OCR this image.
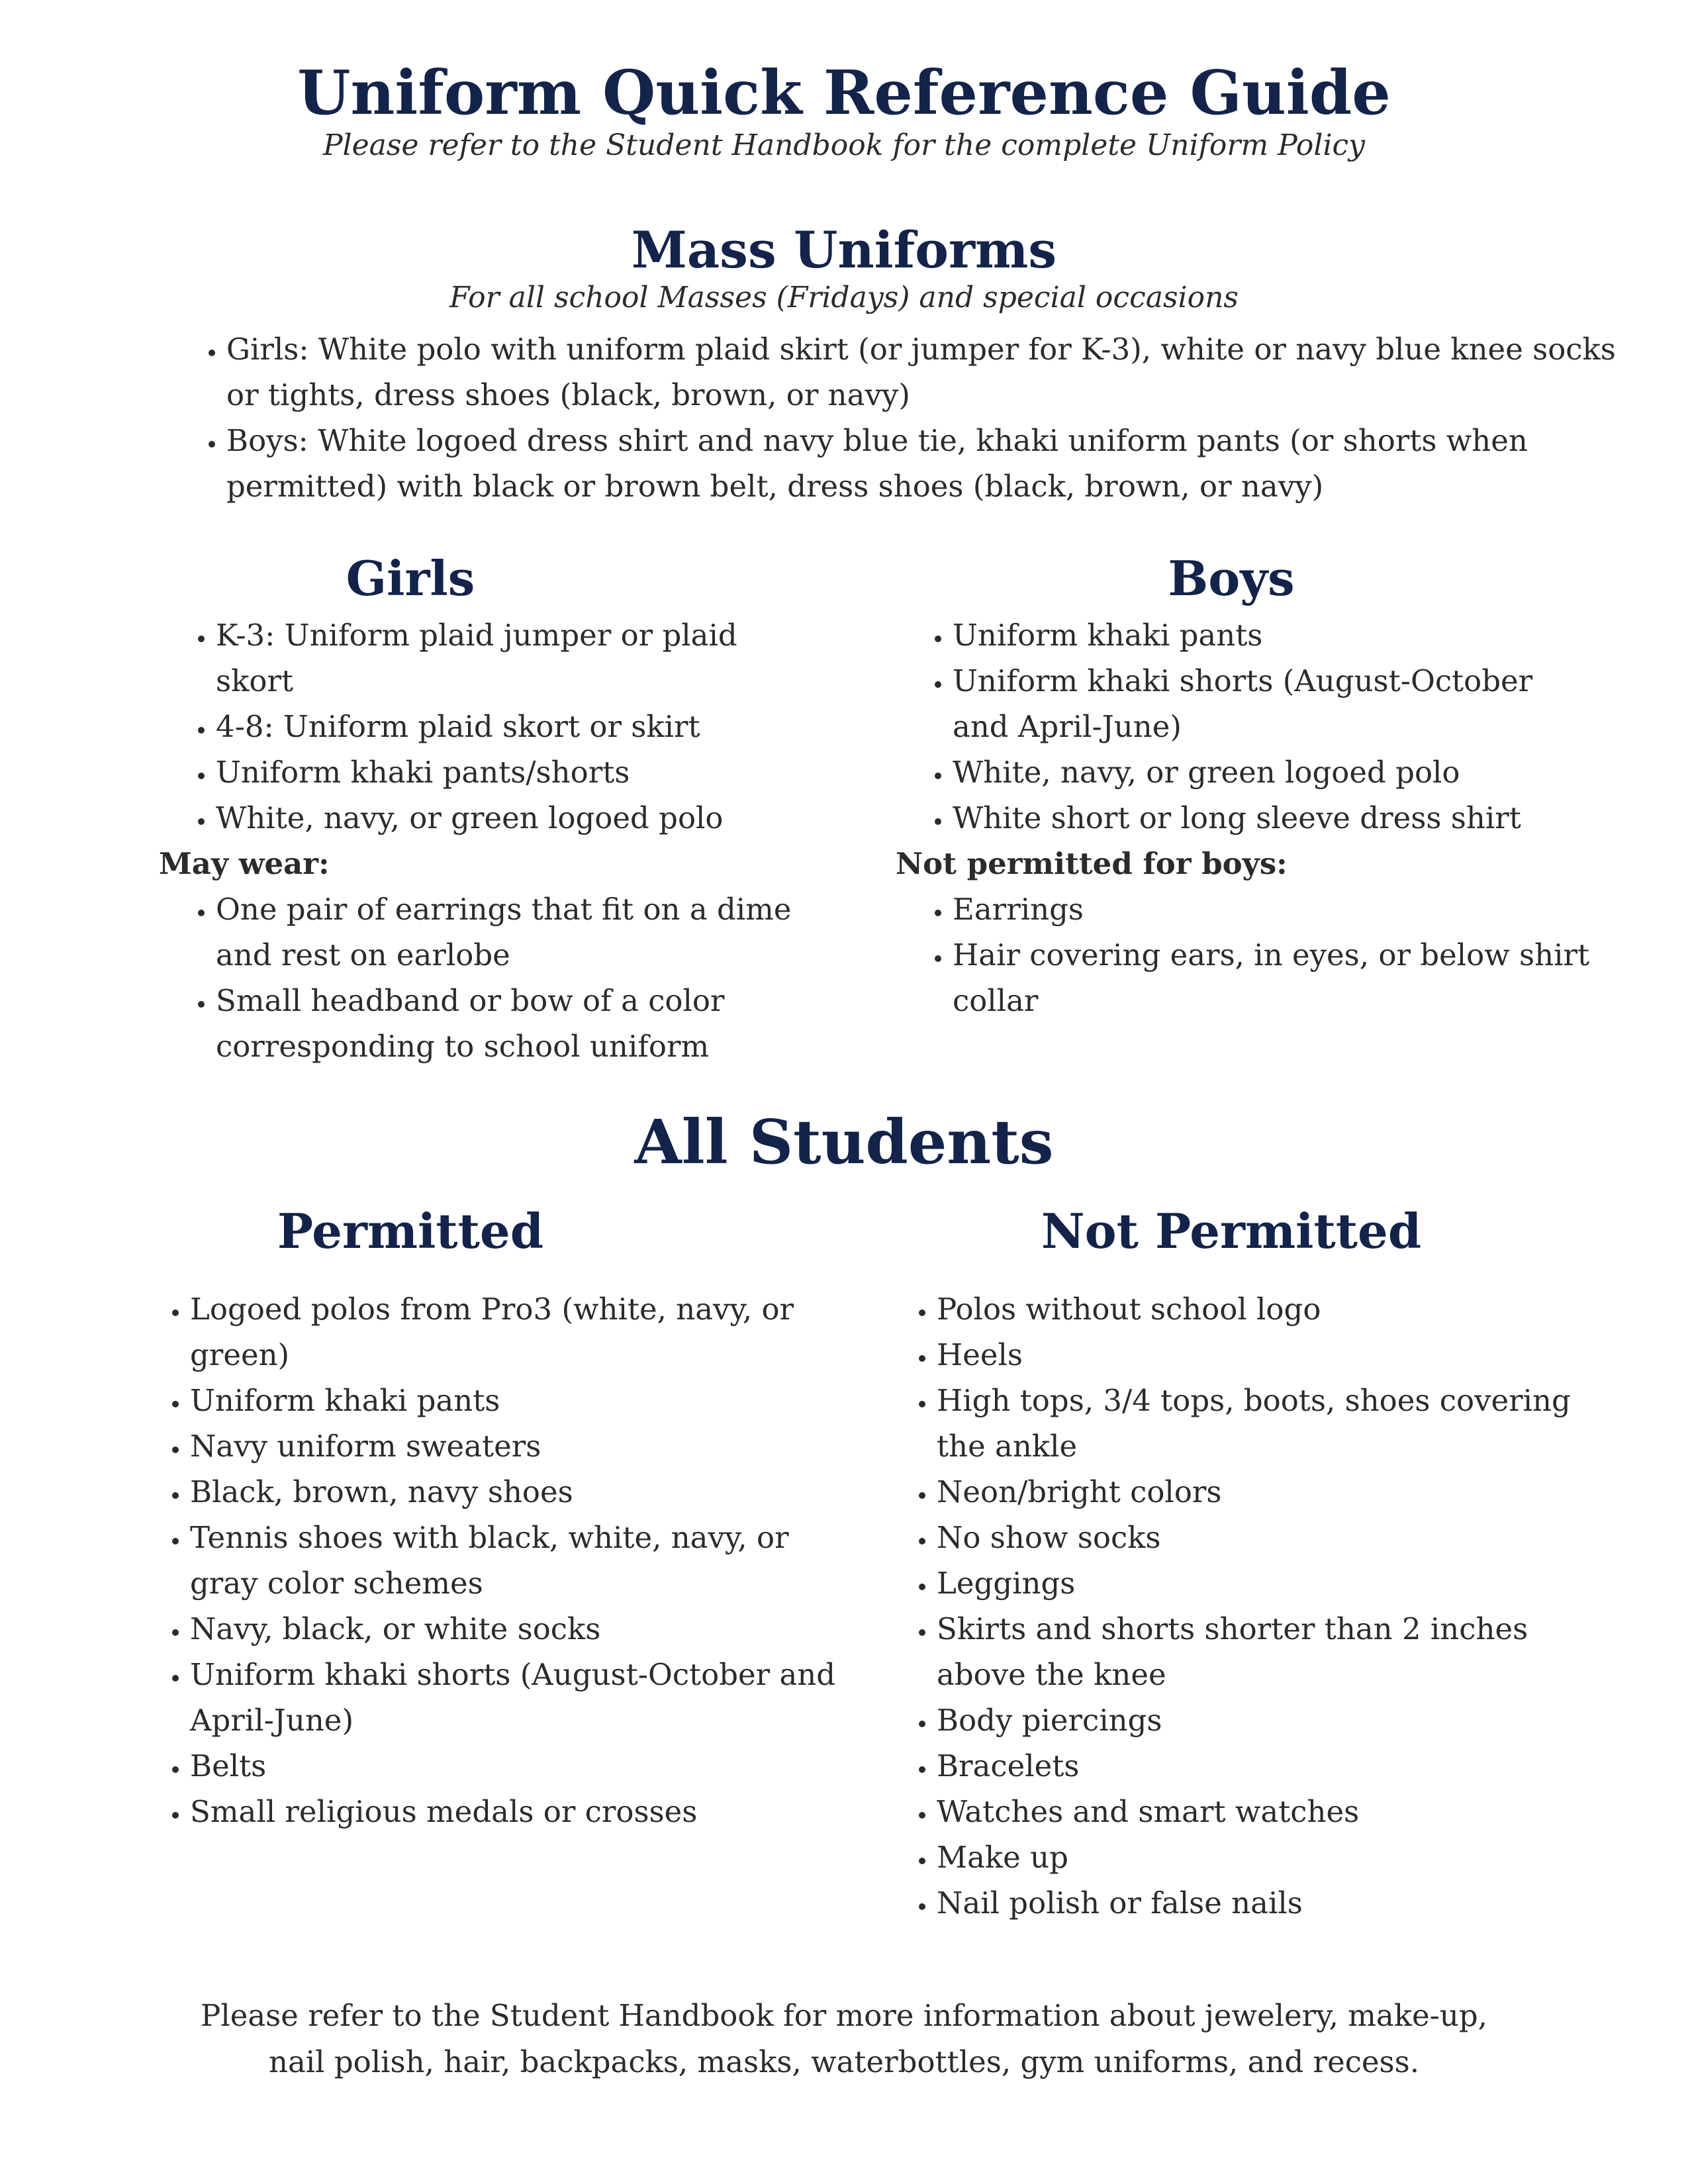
Uniform Quick Reference Guide
Please refer to the Student Handbook for the complete Uniform Policy
Mass Uniforms
For all school Masses (Fridays) and special occasions
• Girls: White polo with uniform plaid skirt (or jumper for K-3), white or navy blue knee socks or tights, dress shoes (black, brown, or navy)
• Boys: White logoed dress shirt and navy blue tie, khaki uniform pants (or shorts when permitted) with black or brown belt, dress shoes (black, brown, or navy)
Girls	Boys
• K-3: Uniform plaid jumper or plaid skort
• 4-8: Uniform plaid skort or skirt
• Uniform khaki pants/shorts
• White, navy, or green logoed polo
May wear:
• One pair of earrings that fit on a dime and rest on earlobe
• Small headband or bow of a color corresponding to school uniform
• Uniform khaki pants
• Uniform khaki shorts (August-October and April-June)
• White, navy, or green logoed polo
• White short or long sleeve dress shirt
Not permitted for boys:
• Earrings
• Hair covering ears, in eyes, or below shirt collar
All Students
Permitted	Not Permitted
• Logoed polos from Pro3 (white, navy, or green)
• Uniform khaki pants
• Navy uniform sweaters
• Black, brown, navy shoes
• Tennis shoes with black, white, navy, or gray color schemes
• Navy, black, or white socks
• Uniform khaki shorts (August-October and April-June)
• Belts
• Small religious medals or crosses
• Polos without school logo
• Heels
• High tops, 3/4 tops, boots, shoes covering the ankle
• Neon/bright colors
• No show socks
• Leggings
• Skirts and shorts shorter than 2 inches above the knee
• Body piercings
• Bracelets
• Watches and smart watches
• Make up
• Nail polish or false nails
Please refer to the Student Handbook for more information about jewelery, make-up, nail polish, hair, backpacks, masks, waterbottles, gym uniforms, and recess.
